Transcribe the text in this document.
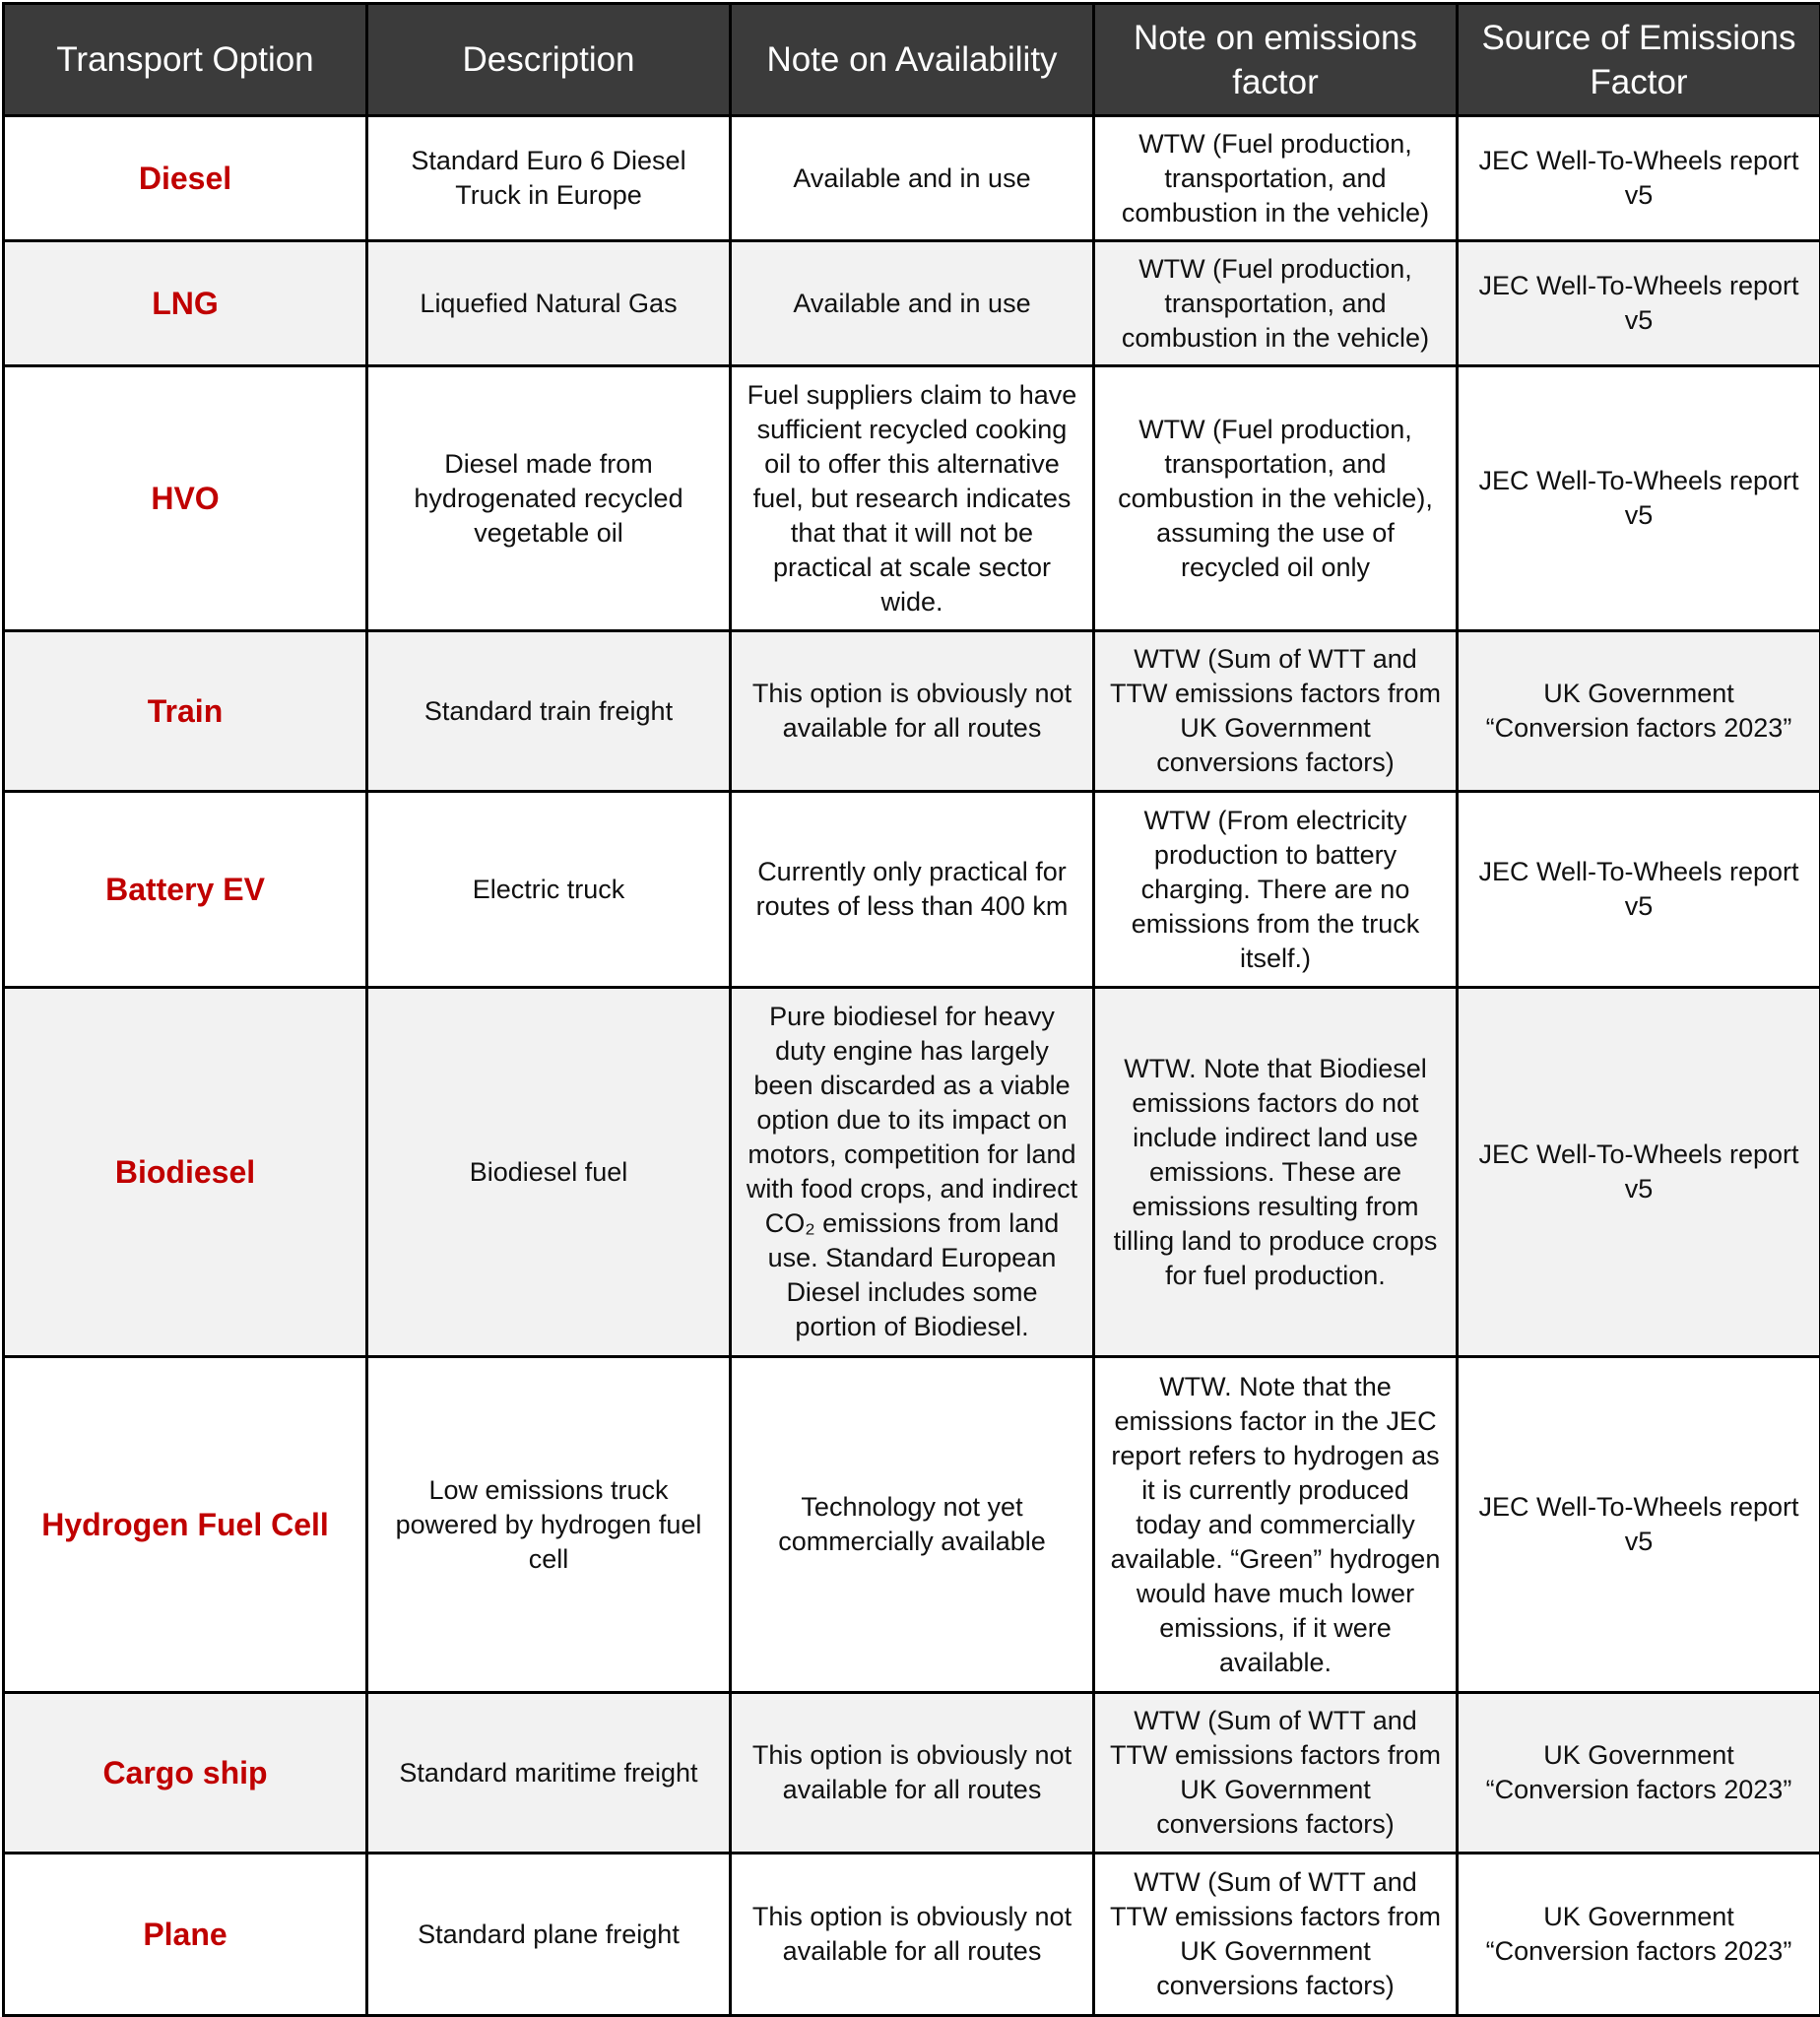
Transport Option	Description	Note on Availability	Note on emissions factor	Source of Emissions Factor
Diesel	Standard Euro 6 Diesel Truck in Europe	Available and in use	WTW (Fuel production, transportation, and combustion in the vehicle)	JEC Well-To-Wheels report v5
LNG	Liquefied Natural Gas	Available and in use	WTW (Fuel production, transportation, and combustion in the vehicle)	JEC Well-To-Wheels report v5
HVO	Diesel made from hydrogenated recycled vegetable oil	Fuel suppliers claim to have sufficient recycled cooking oil to offer this alternative fuel, but research indicates that that it will not be practical at scale sector wide.	WTW (Fuel production, transportation, and combustion in the vehicle), assuming the use of recycled oil only	JEC Well-To-Wheels report v5
Train	Standard train freight	This option is obviously not available for all routes	WTW (Sum of WTT and TTW emissions factors from UK Government conversions factors)	UK Government “Conversion factors 2023”
Battery EV	Electric truck	Currently only practical for routes of less than 400 km	WTW (From electricity production to battery charging. There are no emissions from the truck itself.)	JEC Well-To-Wheels report v5
Biodiesel	Biodiesel fuel	Pure biodiesel for heavy duty engine has largely been discarded as a viable option due to its impact on motors, competition for land with food crops, and indirect CO₂ emissions from land use. Standard European Diesel includes some portion of Biodiesel.	WTW. Note that Biodiesel emissions factors do not include indirect land use emissions. These are emissions resulting from tilling land to produce crops for fuel production.	JEC Well-To-Wheels report v5
Hydrogen Fuel Cell	Low emissions truck powered by hydrogen fuel cell	Technology not yet commercially available	WTW. Note that the emissions factor in the JEC report refers to hydrogen as it is currently produced today and commercially available. “Green” hydrogen would have much lower emissions, if it were available.	JEC Well-To-Wheels report v5
Cargo ship	Standard maritime freight	This option is obviously not available for all routes	WTW (Sum of WTT and TTW emissions factors from UK Government conversions factors)	UK Government “Conversion factors 2023”
Plane	Standard plane freight	This option is obviously not available for all routes	WTW (Sum of WTT and TTW emissions factors from UK Government conversions factors)	UK Government “Conversion factors 2023”
